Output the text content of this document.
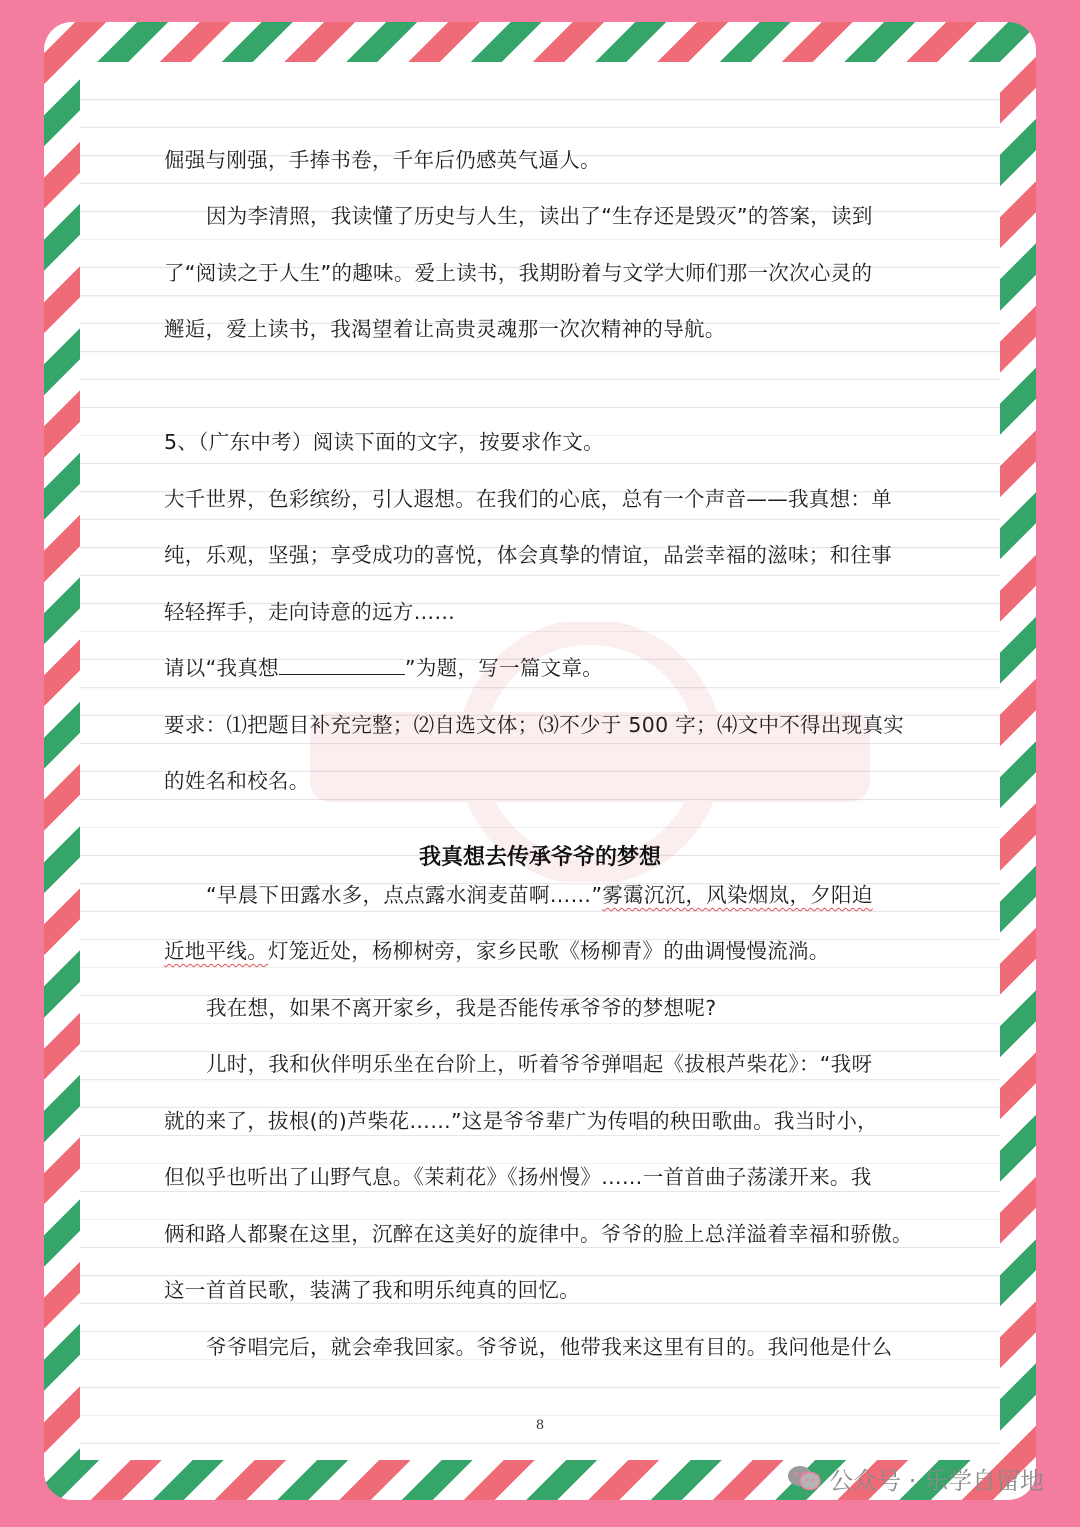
倔强与刚强，手捧书卷，千年后仍感英气逼人。
因为李清照，我读懂了历史与人生，读出了“生存还是毁灭”的答案，读到
了“阅读之于人生”的趣味。爱上读书，我期盼着与文学大师们那一次次心灵的
邂逅，爱上读书，我渴望着让高贵灵魂那一次次精神的导航。
5、（广东中考）阅读下面的文字，按要求作文。
大千世界，色彩缤纷，引人遐想。在我们的心底，总有一个声音——我真想：单
纯，乐观，坚强；享受成功的喜悦，体会真挚的情谊，品尝幸福的滋味；和往事
轻轻挥手，走向诗意的远方……
请以“我真想	”为题，写一篇文章。
要求：⑴把题目补充完整；⑵自选文体；⑶不少于 500 字；⑷文中不得出现真实
的姓名和校名。
我真想去传承爷爷的梦想
“早晨下田露水多，点点露水润麦苗啊……”雾霭沉沉，风染烟岚，夕阳迫
近地平线。灯笼近处，杨柳树旁，家乡民歌《杨柳青》的曲调慢慢流淌。
我在想，如果不离开家乡，我是否能传承爷爷的梦想呢?
儿时，我和伙伴明乐坐在台阶上，听着爷爷弹唱起《拔根芦柴花》：“我呀
就的来了，拔根(的)芦柴花……”这是爷爷辈广为传唱的秧田歌曲。我当时小，
但似乎也听出了山野气息。《茉莉花》《扬州慢》……一首首曲子荡漾开来。我
俩和路人都聚在这里，沉醉在这美好的旋律中。爷爷的脸上总洋溢着幸福和骄傲。
这一首首民歌，装满了我和明乐纯真的回忆。
爷爷唱完后，就会牵我回家。爷爷说，他带我来这里有目的。我问他是什么
8
公众号 · 乐学自留地
